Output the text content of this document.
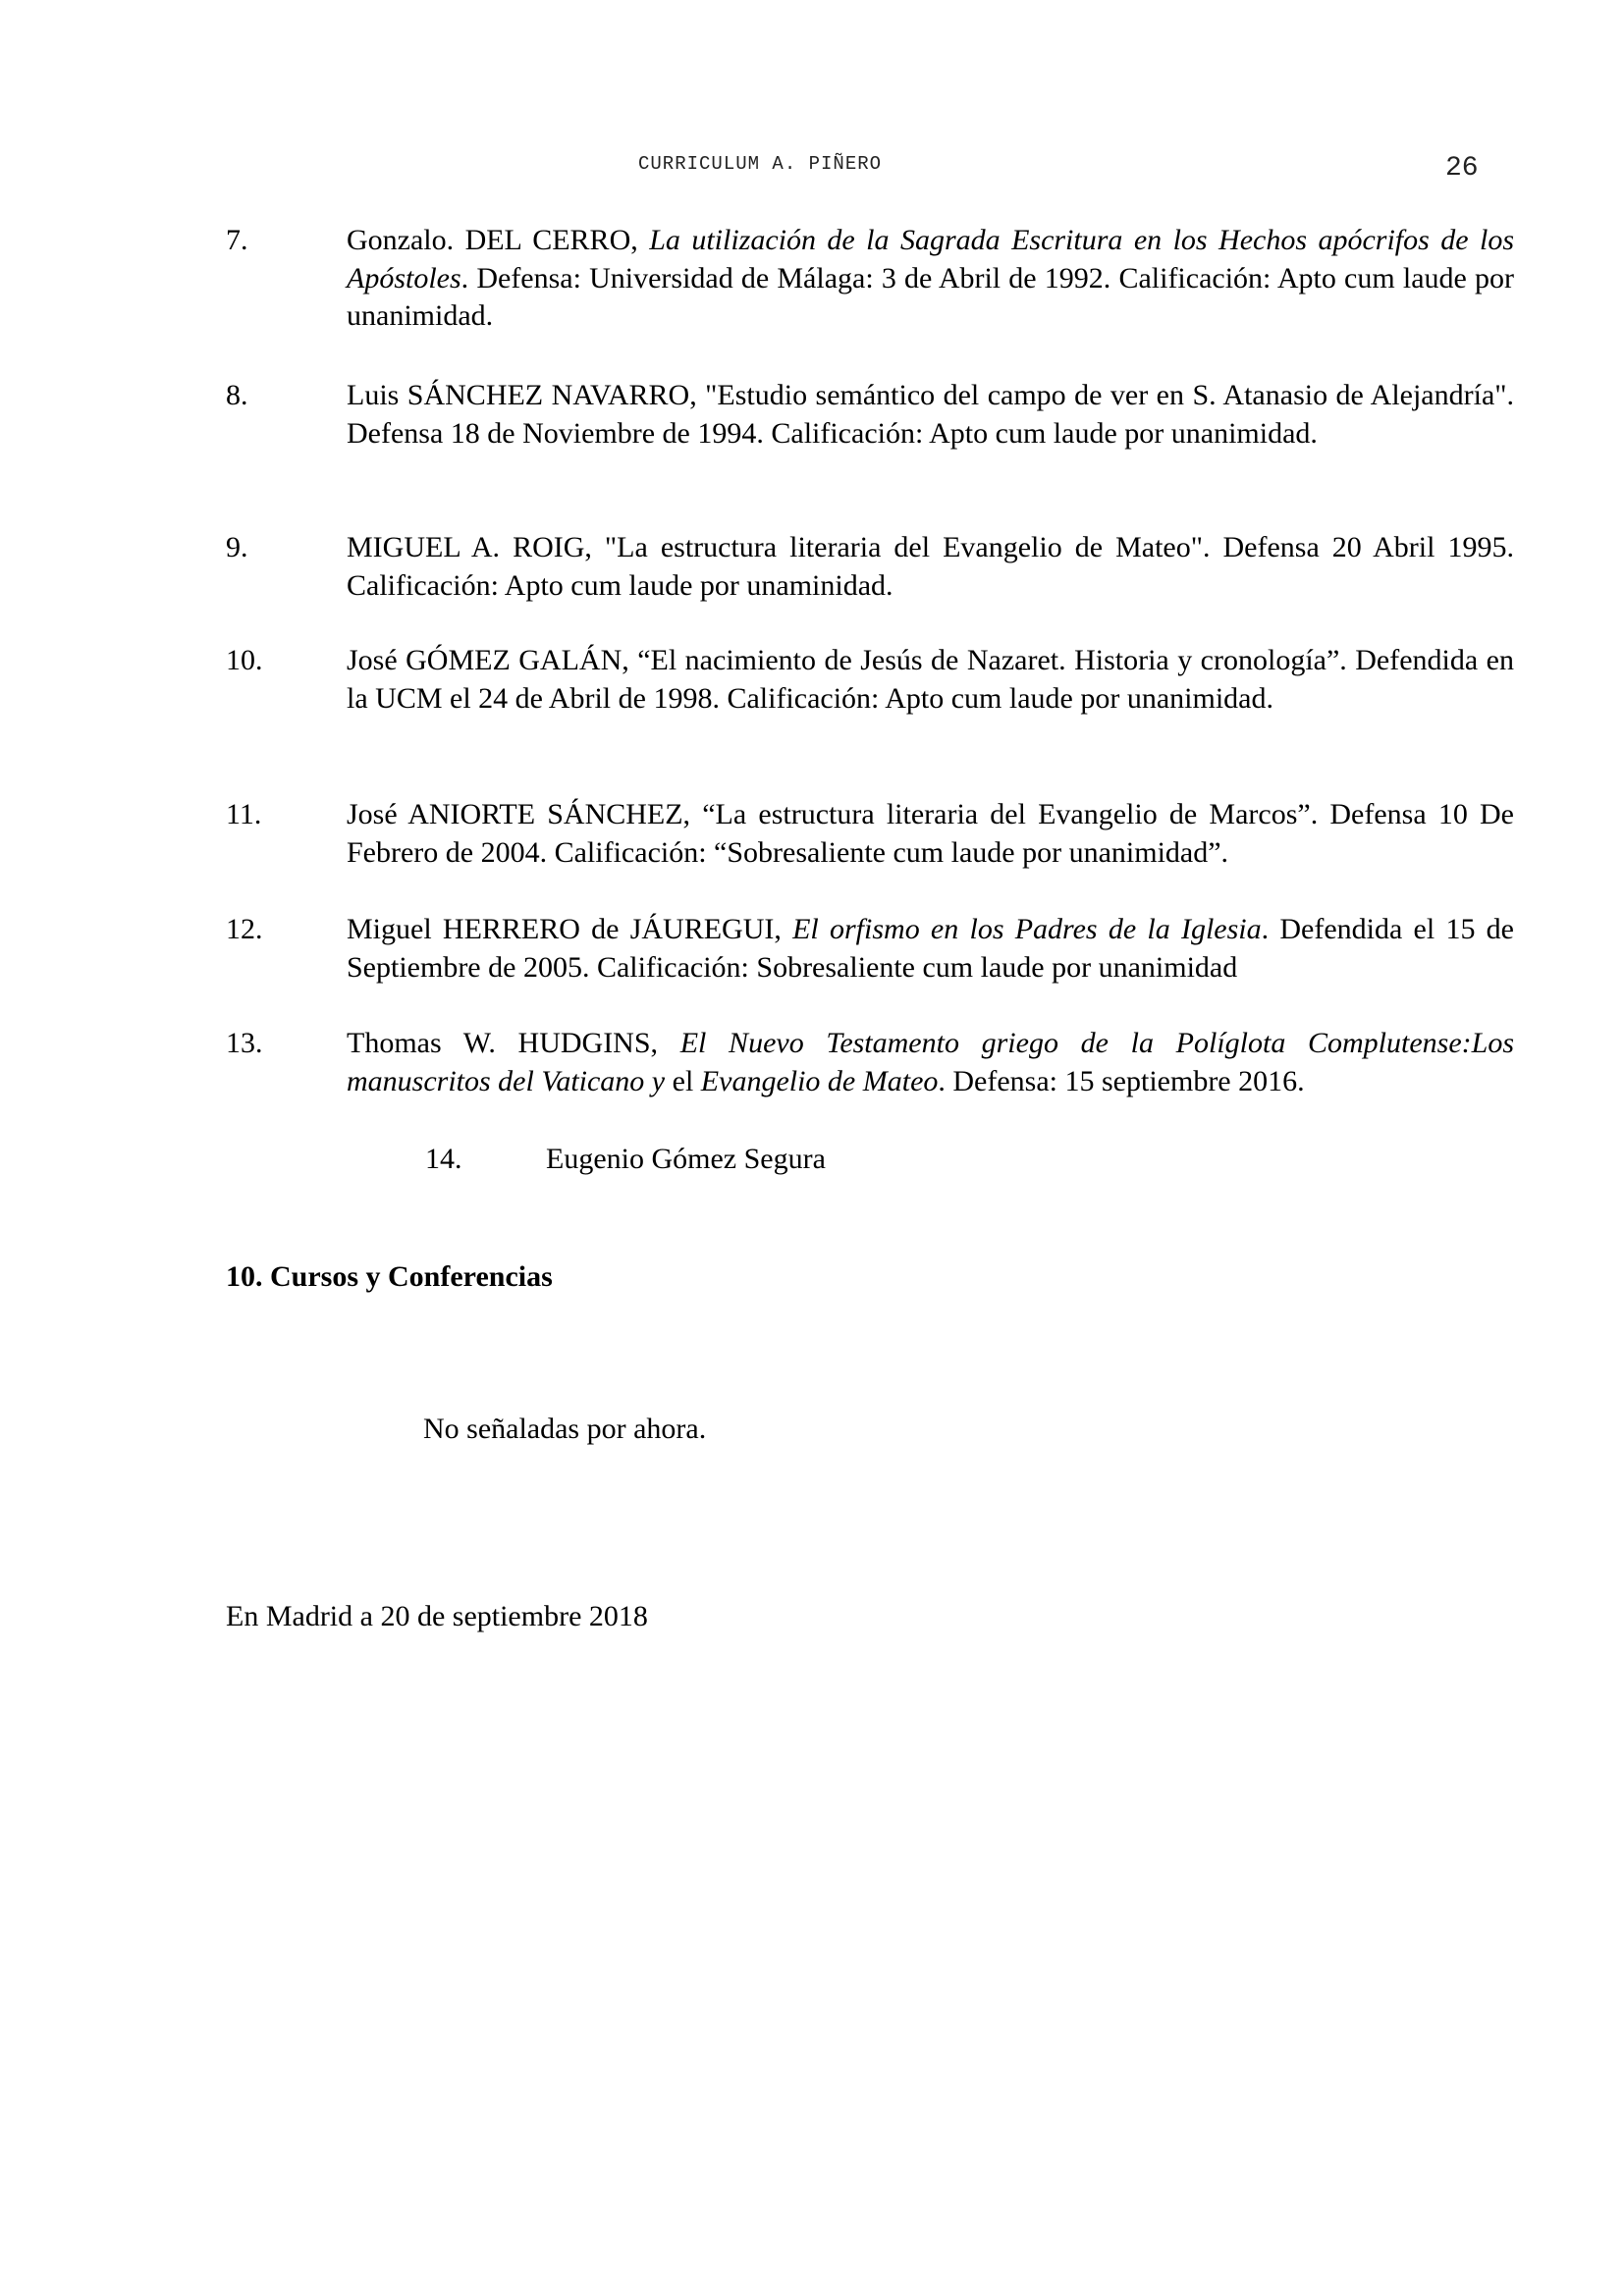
CURRICULUM A. PIÑERO	26
7.	Gonzalo. DEL CERRO, La utilización de la Sagrada Escritura en los Hechos apócrifos de los Apóstoles. Defensa: Universidad de Málaga: 3 de Abril de 1992. Calificación: Apto cum laude por unanimidad.
8.	Luis SÁNCHEZ NAVARRO, "Estudio semántico del campo de ver en S. Atanasio de Alejandría". Defensa 18 de Noviembre de 1994. Calificación: Apto cum laude por unanimidad.
9.	MIGUEL A. ROIG, "La estructura literaria del Evangelio de Mateo". Defensa 20 Abril 1995. Calificación: Apto cum laude por unaminidad.
10.	José GÓMEZ GALÁN, “El nacimiento de Jesús de Nazaret. Historia y cronología”. Defendida en la UCM el 24 de Abril de 1998. Calificación: Apto cum laude por unanimidad.
11.	José ANIORTE SÁNCHEZ, “La estructura literaria del Evangelio de Marcos”. Defensa 10 De Febrero de 2004. Calificación: “Sobresaliente cum laude por unanimidad”.
12.	Miguel HERRERO de JÁUREGUI, El orfismo en los Padres de la Iglesia. Defendida el 15 de Septiembre de 2005. Calificación: Sobresaliente cum laude por unanimidad
13.	Thomas W. HUDGINS, El Nuevo Testamento griego de la Políglota Complutense:Los manuscritos del Vaticano y el Evangelio de Mateo. Defensa: 15 septiembre 2016.
14.	Eugenio Gómez Segura
10. Cursos y Conferencias
No señaladas por ahora.
En Madrid a 20 de septiembre 2018
